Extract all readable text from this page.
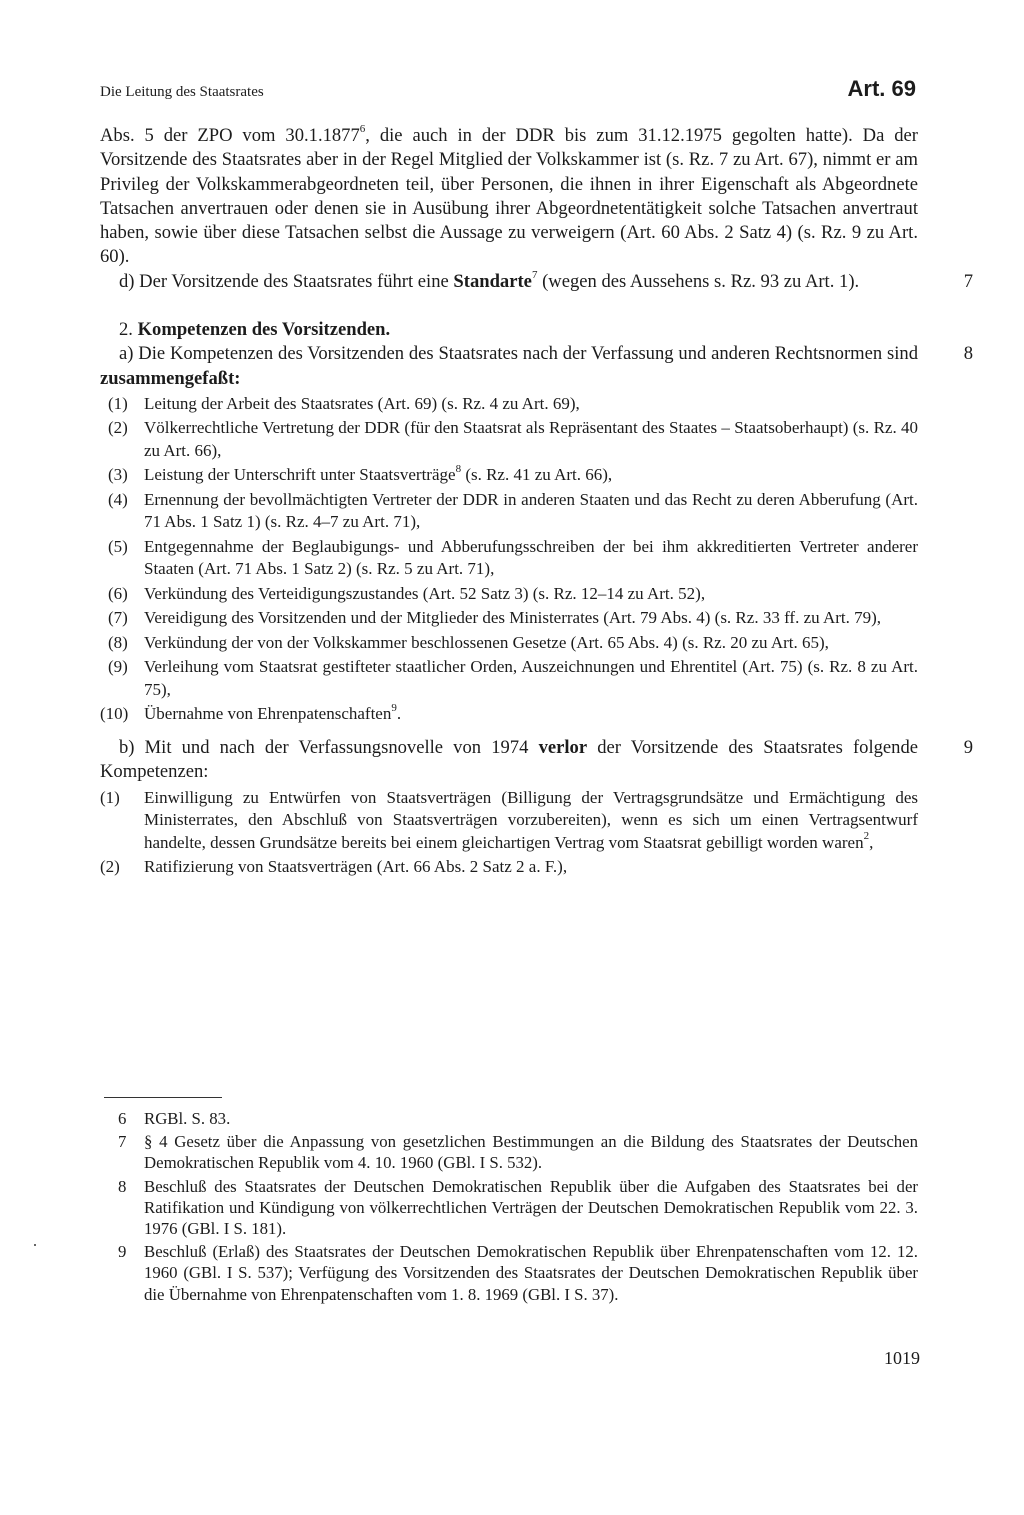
Die Leitung des Staatsrates	Art. 69

Abs. 5 der ZPO vom 30.1.1877$^6$, die auch in der DDR bis zum 31.12.1975 gegolten hatte). Da der Vorsitzende des Staatsrates aber in der Regel Mitglied der Volkskammer ist (s. Rz. 7 zu Art. 67), nimmt er am Privileg der Volkskammerabgeordneten teil, über Personen, die ihnen in ihrer Eigenschaft als Abgeordnete Tatsachen anvertrauen oder denen sie in Ausübung ihrer Abgeordnetentätigkeit solche Tatsachen anvertraut haben, sowie über diese Tatsachen selbst die Aussage zu verweigern (Art. 60 Abs. 2 Satz 4) (s. Rz. 9 zu Art. 60).

d) Der Vorsitzende des Staatsrates führt eine Standarte$^7$ (wegen des Aussehens s. Rz. 93 zu Art. 1).	7

2. Kompetenzen des Vorsitzenden.

a) Die Kompetenzen des Vorsitzenden des Staatsrates nach der Verfassung und anderen Rechtsnormen sind zusammengefaßt:
8

(1) Leitung der Arbeit des Staatsrates (Art. 69) (s. Rz. 4 zu Art. 69),
(2) Völkerrechtliche Vertretung der DDR (für den Staatsrat als Repräsentant des Staates – Staatsoberhaupt) (s. Rz. 40 zu Art. 66),
(3) Leistung der Unterschrift unter Staatsverträge$^8$ (s. Rz. 41 zu Art. 66),
(4) Ernennung der bevollmächtigten Vertreter der DDR in anderen Staaten und das Recht zu deren Abberufung (Art. 71 Abs. 1 Satz 1) (s. Rz. 4–7 zu Art. 71),
(5) Entgegennahme der Beglaubigungs- und Abberufungsschreiben der bei ihm akkreditierten Vertreter anderer Staaten (Art. 71 Abs. 1 Satz 2) (s. Rz. 5 zu Art. 71),
(6) Verkündung des Verteidigungszustandes (Art. 52 Satz 3) (s. Rz. 12–14 zu Art. 52),
(7) Vereidigung des Vorsitzenden und der Mitglieder des Ministerrates (Art. 79 Abs. 4) (s. Rz. 33 ff. zu Art. 79),
(8) Verkündung der von der Volkskammer beschlossenen Gesetze (Art. 65 Abs. 4) (s. Rz. 20 zu Art. 65),
(9) Verleihung vom Staatsrat gestifteter staatlicher Orden, Auszeichnungen und Ehrentitel (Art. 75) (s. Rz. 8 zu Art. 75),
(10) Übernahme von Ehrenpatenschaften$^9$.

b) Mit und nach der Verfassungsnovelle von 1974 verlor der Vorsitzende des Staatsrates folgende Kompetenzen:
9

(1) Einwilligung zu Entwürfen von Staatsverträgen (Billigung der Vertragsgrundsätze und Ermächtigung des Ministerrates, den Abschluß von Staatsverträgen vorzubereiten), wenn es sich um einen Vertragsentwurf handelte, dessen Grundsätze bereits bei einem gleichartigen Vertrag vom Staatsrat gebilligt worden waren$^2$,
(2) Ratifizierung von Staatsverträgen (Art. 66 Abs. 2 Satz 2 a. F.),
6 RGBl. S. 83.
7 § 4 Gesetz über die Anpassung von gesetzlichen Bestimmungen an die Bildung des Staatsrates der Deutschen Demokratischen Republik vom 4. 10. 1960 (GBl. I S. 532).
8 Beschluß des Staatsrates der Deutschen Demokratischen Republik über die Aufgaben des Staatsrates bei der Ratifikation und Kündigung von völkerrechtlichen Verträgen der Deutschen Demokratischen Republik vom 22. 3. 1976 (GBl. I S. 181).
9 Beschluß (Erlaß) des Staatsrates der Deutschen Demokratischen Republik über Ehrenpatenschaften vom 12. 12. 1960 (GBl. I S. 537); Verfügung des Vorsitzenden des Staatsrates der Deutschen Demokratischen Republik über die Übernahme von Ehrenpatenschaften vom 1. 8. 1969 (GBl. I S. 37).
1019
